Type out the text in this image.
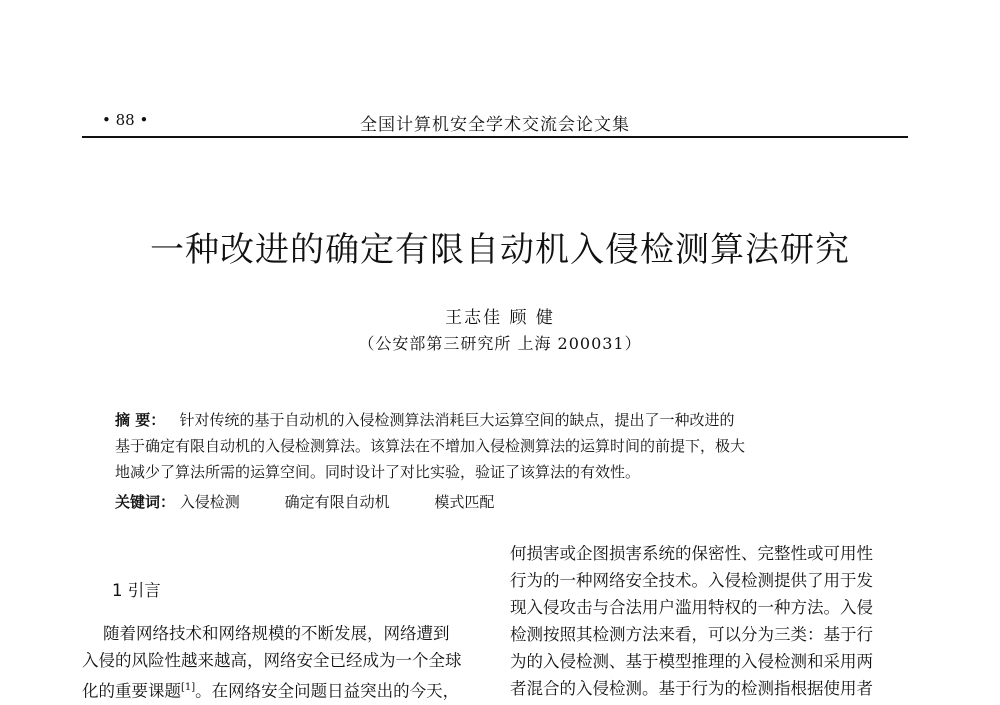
• 88 •	全国计算机安全学术交流会论文集
一种改进的确定有限自动机入侵检测算法研究
王志佳 顾 健
（公安部第三研究所 上海 200031）
摘 要： 针对传统的基于自动机的入侵检测算法消耗巨大运算空间的缺点，提出了一种改进的
基于确定有限自动机的入侵检测算法。该算法在不增加入侵检测算法的运算时间的前提下，极大
地减少了算法所需的运算空间。同时设计了对比实验，验证了该算法的有效性。
关键词： 入侵检测	确定有限自动机	模式匹配
1 引言
随着网络技术和网络规模的不断发展，网络遭到
入侵的风险性越来越高，网络安全已经成为一个全球
化的重要课题[1]。在网络安全问题日益突出的今天，
何损害或企图损害系统的保密性、完整性或可用性
行为的一种网络安全技术。入侵检测提供了用于发
现入侵攻击与合法用户滥用特权的一种方法。入侵
检测按照其检测方法来看，可以分为三类：基于行
为的入侵检测、基于模型推理的入侵检测和采用两
者混合的入侵检测。基于行为的检测指根据使用者
